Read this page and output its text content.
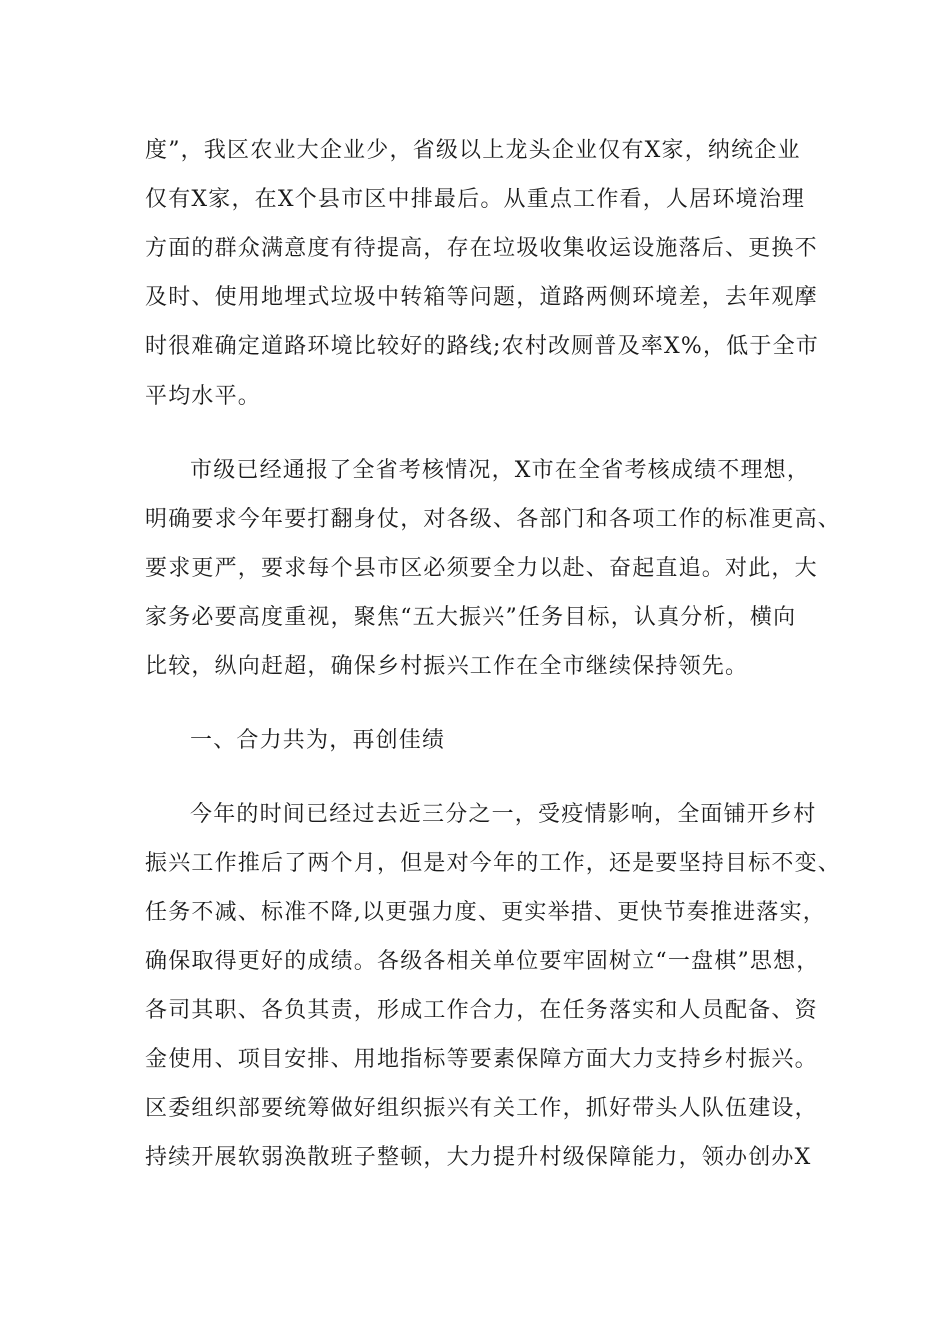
度”，我区农业大企业少，省级以上龙头企业仅有X家，纳统企业

仅有X家，在X个县市区中排最后。从重点工作看，人居环境治理

方面的群众满意度有待提高，存在垃圾收集收运设施落后、更换不

及时、使用地埋式垃圾中转箱等问题，道路两侧环境差，去年观摩

时很难确定道路环境比较好的路线;农村改厕普及率X%，低于全市

平均水平。

市级已经通报了全省考核情况，X市在全省考核成绩不理想，

明确要求今年要打翻身仗，对各级、各部门和各项工作的标准更高、

要求更严，要求每个县市区必须要全力以赴、奋起直追。对此，大

家务必要高度重视，聚焦“五大振兴”任务目标，认真分析，横向

比较，纵向赶超，确保乡村振兴工作在全市继续保持领先。

一、合力共为，再创佳绩

今年的时间已经过去近三分之一，受疫情影响，全面铺开乡村

振兴工作推后了两个月，但是对今年的工作，还是要坚持目标不变、

任务不减、标准不降,以更强力度、更实举措、更快节奏推进落实，

确保取得更好的成绩。各级各相关单位要牢固树立“一盘棋”思想，

各司其职、各负其责，形成工作合力，在任务落实和人员配备、资

金使用、项目安排、用地指标等要素保障方面大力支持乡村振兴。

区委组织部要统筹做好组织振兴有关工作，抓好带头人队伍建设，

持续开展软弱涣散班子整顿，大力提升村级保障能力，领办创办X
